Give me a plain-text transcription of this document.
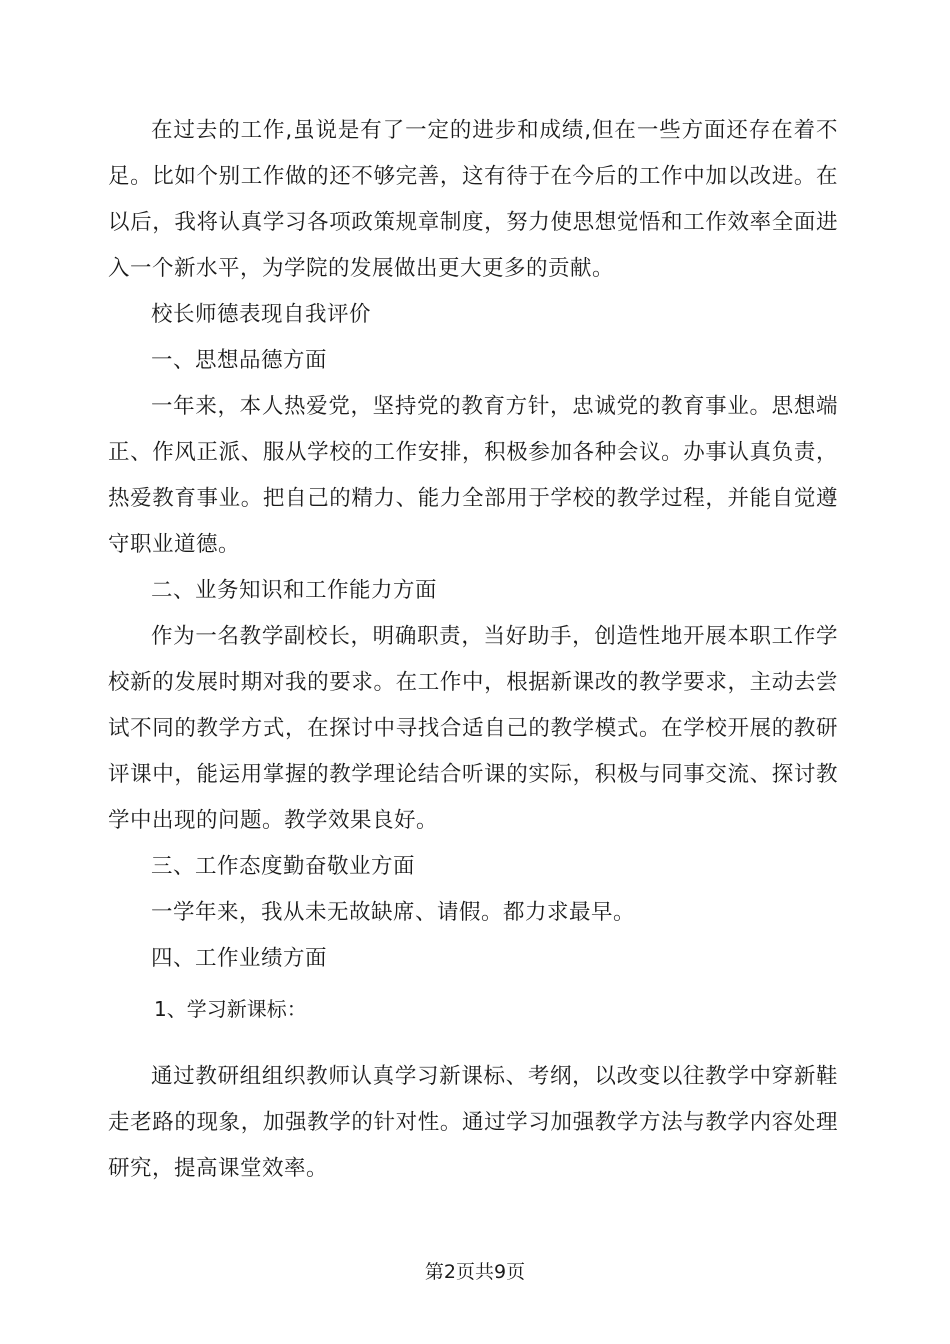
在过去的工作,虽说是有了一定的进步和成绩,但在一些方面还存在着不足。比如个别工作做的还不够完善，这有待于在今后的工作中加以改进。在以后，我将认真学习各项政策规章制度，努力使思想觉悟和工作效率全面进入一个新水平，为学院的发展做出更大更多的贡献。

校长师德表现自我评价

一、思想品德方面

一年来，本人热爱党，坚持党的教育方针，忠诚党的教育事业。思想端正、作风正派、服从学校的工作安排，积极参加各种会议。办事认真负责，热爱教育事业。把自己的精力、能力全部用于学校的教学过程，并能自觉遵守职业道德。

二、业务知识和工作能力方面

作为一名教学副校长，明确职责，当好助手，创造性地开展本职工作学校新的发展时期对我的要求。在工作中，根据新课改的教学要求，主动去尝试不同的教学方式，在探讨中寻找合适自己的教学模式。在学校开展的教研评课中，能运用掌握的教学理论结合听课的实际，积极与同事交流、探讨教学中出现的问题。教学效果良好。

三、工作态度勤奋敬业方面

一学年来，我从未无故缺席、请假。都力求最早。

四、工作业绩方面

1、学习新课标：

通过教研组组织教师认真学习新课标、考纲，以改变以往教学中穿新鞋走老路的现象，加强教学的针对性。通过学习加强教学方法与教学内容处理研究，提高课堂效率。

第2页共9页
